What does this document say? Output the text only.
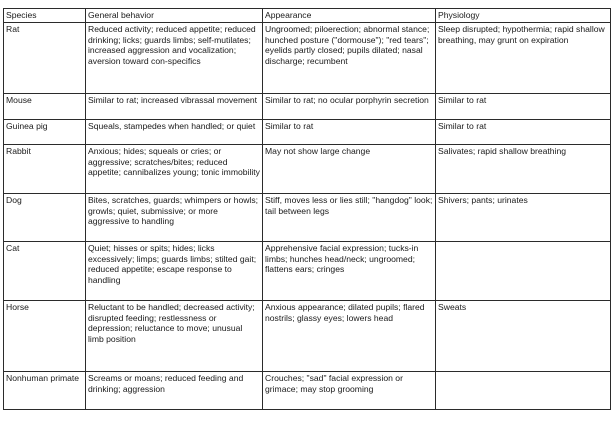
Species	General behavior	Appearance	Physiology
Rat	Reduced activity; reduced appetite; reduced drinking; licks; guards limbs; self-mutilates; increased aggression and vocalization; aversion toward con-specifics	Ungroomed; piloerection; abnormal stance; hunched posture ("dormouse"); "red tears"; eyelids partly closed; pupils dilated; nasal discharge; recumbent	Sleep disrupted; hypothermia; rapid shallow breathing, may grunt on expiration
Mouse	Similar to rat; increased vibrassal movement	Similar to rat; no ocular porphyrin secretion	Similar to rat
Guinea pig	Squeals, stampedes when handled; or quiet	Similar to rat	Similar to rat
Rabbit	Anxious; hides; squeals or cries; or aggressive; scratches/bites; reduced appetite; cannibalizes young; tonic immobility	May not show large change	Salivates; rapid shallow breathing
Dog	Bites, scratches, guards; whimpers or howls; growls; quiet, submissive; or more aggressive to handling	Stiff, moves less or lies still; "hangdog" look; tail between legs	Shivers; pants; urinates
Cat	Quiet; hisses or spits; hides; licks excessively; limps; guards limbs; stilted gait; reduced appetite; escape response to handling	Apprehensive facial expression; tucks-in limbs; hunches head/neck; ungroomed; flattens ears; cringes	
Horse	Reluctant to be handled; decreased activity; disrupted feeding; restlessness or depression; reluctance to move; unusual limb position	Anxious appearance; dilated pupils; flared nostrils; glassy eyes; lowers head	Sweats
Nonhuman primate	Screams or moans; reduced feeding and drinking; aggression	Crouches; "sad" facial expression or grimace; may stop grooming	
